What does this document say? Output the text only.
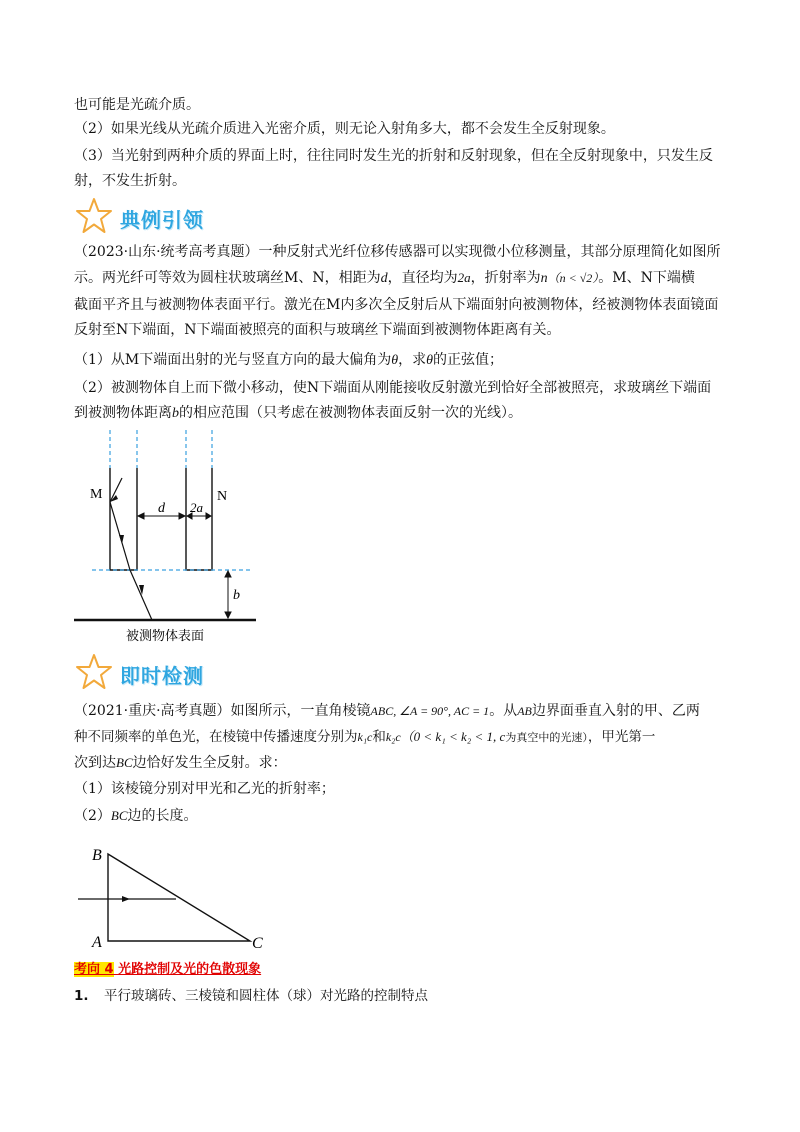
也可能是光疏介质。
（2）如果光线从光疏介质进入光密介质，则无论入射角多大，都不会发生全反射现象。
（3）当光射到两种介质的界面上时，往往同时发生光的折射和反射现象，但在全反射现象中，只发生反
射，不发生折射。
典例引领
（2023·山东·统考高考真题）一种反射式光纤位移传感器可以实现微小位移测量，其部分原理简化如图所
示。两光纤可等效为圆柱状玻璃丝M、N，相距为d，直径均为2a，折射率为n（n < √2）。M、N下端横
截面平齐且与被测物体表面平行。激光在M内多次全反射后从下端面射向被测物体，经被测物体表面镜面
反射至N下端面，N下端面被照亮的面积与玻璃丝下端面到被测物体距离有关。
（1）从M下端面出射的光与竖直方向的最大偏角为θ，求θ的正弦值；
（2）被测物体自上而下微小移动，使N下端面从刚能接收反射激光到恰好全部被照亮，求玻璃丝下端面
到被测物体距离b的相应范围（只考虑在被测物体表面反射一次的光线）。
M	N
d 2a
b
被测物体表面
即时检测
（2021·重庆·高考真题）如图所示，一直角棱镜ABC, ∠A = 90°, AC = 1。从AB边界面垂直入射的甲、乙两
种不同频率的单色光，在棱镜中传播速度分别为k₁c和k₂c（0 < k₁ < k₂ < 1, c为真空中的光速），甲光第一
次到达BC边恰好发生全反射。求：
（1）该棱镜分别对甲光和乙光的折射率；
（2）BC边的长度。
B
A	C
考向 4 光路控制及光的色散现象
1. 平行玻璃砖、三棱镜和圆柱体（球）对光路的控制特点
